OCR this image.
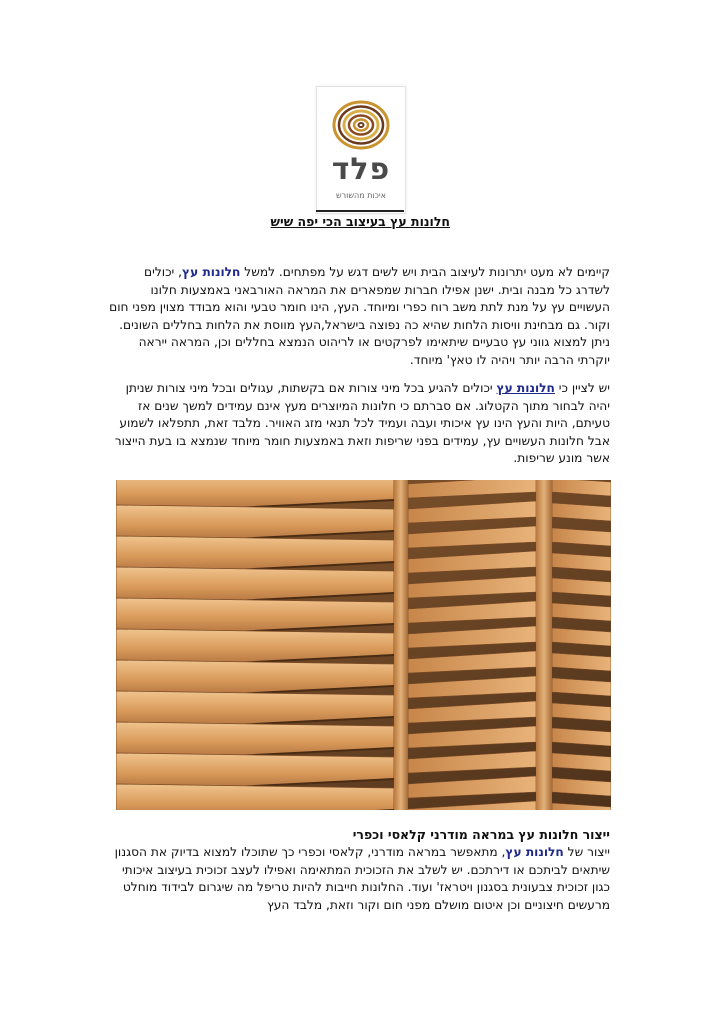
פלד
איכות מהשורש
חלונות עץ בעיצוב הכי יפה שיש
קיימים לא מעט יתרונות לעיצוב הבית ויש לשים דגש על מפתחים. למשל חלונות עץ, יכולים לשדרג כל מבנה ובית. ישנן אפילו חברות שמפארים את המראה האורבאני באמצעות חלונו העשויים עץ על מנת לתת משב רוח כפרי ומיוחד. העץ, הינו חומר טבעי והוא מבודד מצוין מפני חום וקור. גם מבחינת וויסות הלחות שהיא כה נפוצה בישראל,העץ מווסת את הלחות בחללים השונים. ניתן למצוא גווני עץ טבעיים שיתאימו לפרקטים או לריהוט הנמצא בחללים וכן, המראה ייראה יוקרתי הרבה יותר ויהיה לו טאץ' מיוחד.
יש לציין כי חלונות עץ יכולים להגיע בכל מיני צורות אם בקשתות, עגולים ובכל מיני צורות שניתן יהיה לבחור מתוך הקטלוג. אם סברתם כי חלונות המיוצרים מעץ אינם עמידים למשך שנים אז טעיתם, היות והעץ הינו עץ איכותי ועבה ועמיד לכל תנאי מזג האוויר. מלבד זאת, תתפלאו לשמוע אבל חלונות העשויים עץ, עמידים בפני שריפות וזאת באמצעות חומר מיוחד שנמצא בו בעת הייצור אשר מונע שריפות.
ייצור חלונות עץ במראה מודרני קלאסי וכפרי
ייצור של חלונות עץ, מתאפשר במראה מודרני, קלאסי וכפרי כך שתוכלו למצוא בדיוק את הסגנון שיתאים לביתכם או דירתכם. יש לשלב את הזכוכית המתאימה ואפילו לעצב זכוכית בעיצוב איכותי כגון זכוכית צבעונית בסגנון ויטראז' ועוד. החלונות חייבות להיות טריפל מה שיגרום לבידוד מוחלט מרעשים חיצוניים וכן איטום מושלם מפני חום וקור וזאת, מלבד העץ
